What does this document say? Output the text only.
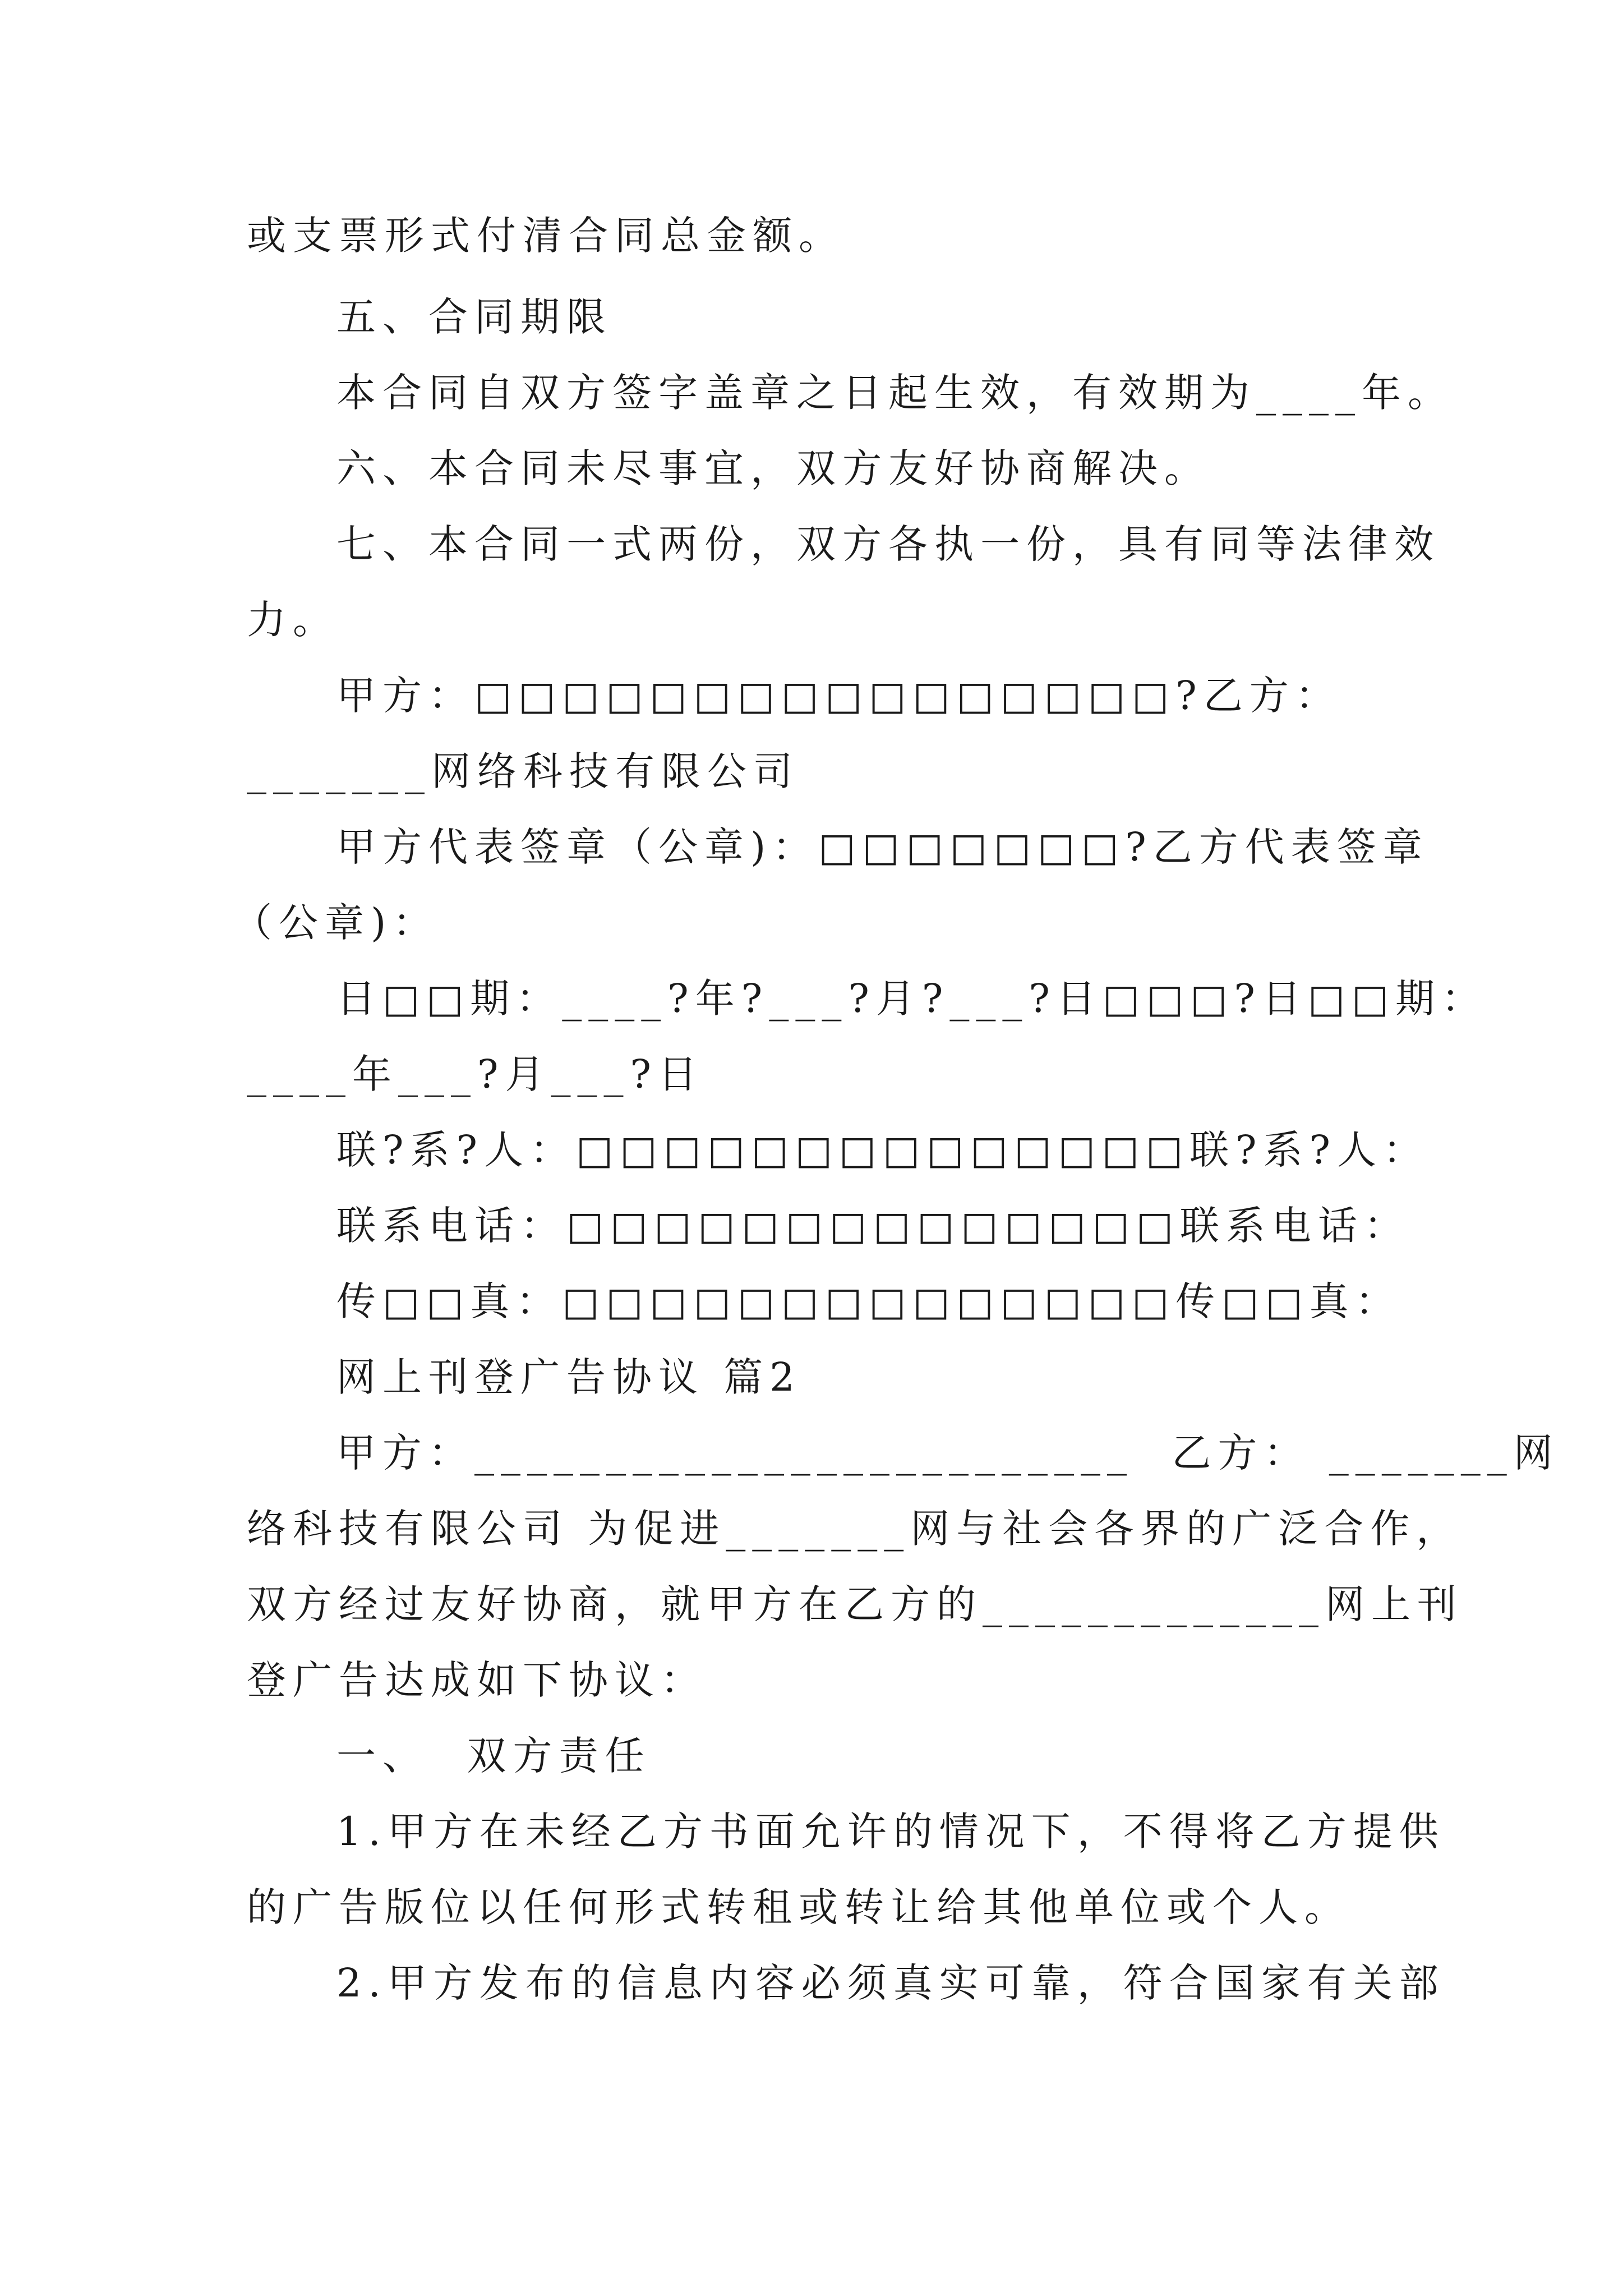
或支票形式付清合同总金额。
五、合同期限
本合同自双方签字盖章之日起生效，有效期为____年。
六、本合同未尽事宜，双方友好协商解决。
七、本合同一式两份，双方各执一份，具有同等法律效
力。
甲方：□□□□□□□□□□□□□□□□?乙方：
_______网络科技有限公司
甲方代表签章（公章)：□□□□□□□?乙方代表签章
（公章)：
日□□期：____?年?___?月?___?日□□□?日□□期：
____年___?月___?日
联?系?人：□□□□□□□□□□□□□□联?系?人：
联系电话：□□□□□□□□□□□□□□联系电话：
传□□真：□□□□□□□□□□□□□□传□□真：
网上刊登广告协议 篇2
甲方：_________________________  乙方： _______网
络科技有限公司 为促进_______网与社会各界的广泛合作，
双方经过友好协商，就甲方在乙方的_____________网上刊
登广告达成如下协议：
一、  双方责任
1.甲方在未经乙方书面允许的情况下，不得将乙方提供
的广告版位以任何形式转租或转让给其他单位或个人。
2.甲方发布的信息内容必须真实可靠，符合国家有关部
